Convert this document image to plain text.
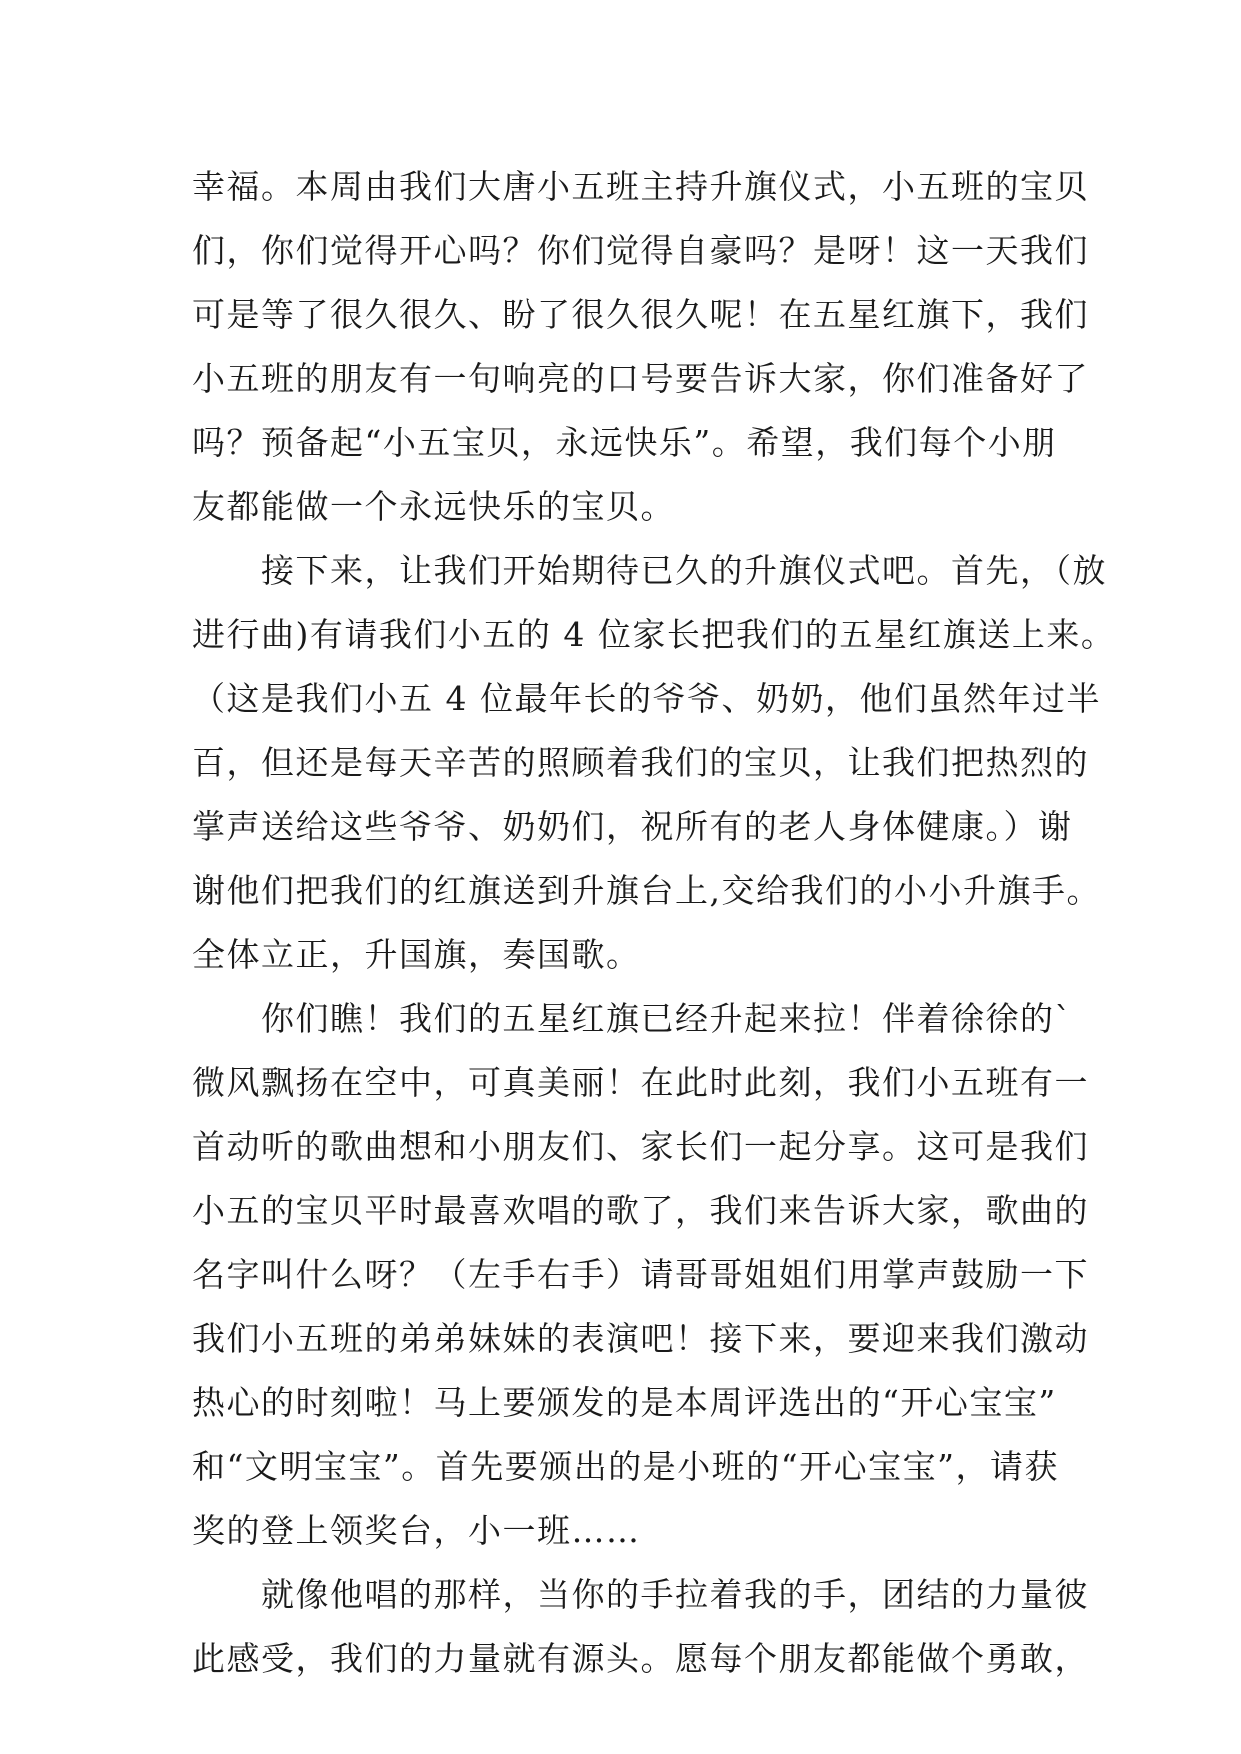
幸福。本周由我们大唐小五班主持升旗仪式，小五班的宝贝
们，你们觉得开心吗？你们觉得自豪吗？是呀！这一天我们
可是等了很久很久、盼了很久很久呢！在五星红旗下，我们
小五班的朋友有一句响亮的口号要告诉大家，你们准备好了
吗？预备起“小五宝贝，永远快乐”。希望，我们每个小朋
友都能做一个永远快乐的宝贝。
　　接下来，让我们开始期待已久的升旗仪式吧。首先，（放
进行曲)有请我们小五的 4 位家长把我们的五星红旗送上来。
（这是我们小五 4 位最年长的爷爷、奶奶，他们虽然年过半
百，但还是每天辛苦的照顾着我们的宝贝，让我们把热烈的
掌声送给这些爷爷、奶奶们，祝所有的老人身体健康。）谢
谢他们把我们的红旗送到升旗台上,交给我们的小小升旗手。
全体立正，升国旗，奏国歌。
　　你们瞧！我们的五星红旗已经升起来拉！伴着徐徐的`
微风飘扬在空中，可真美丽！在此时此刻，我们小五班有一
首动听的歌曲想和小朋友们、家长们一起分享。这可是我们
小五的宝贝平时最喜欢唱的歌了，我们来告诉大家，歌曲的
名字叫什么呀？（左手右手）请哥哥姐姐们用掌声鼓励一下
我们小五班的弟弟妹妹的表演吧！接下来，要迎来我们激动
热心的时刻啦！马上要颁发的是本周评选出的“开心宝宝”
和“文明宝宝”。首先要颁出的是小班的“开心宝宝”，请获
奖的登上领奖台，小一班……
　　就像他唱的那样，当你的手拉着我的手，团结的力量彼
此感受，我们的力量就有源头。愿每个朋友都能做个勇敢，
